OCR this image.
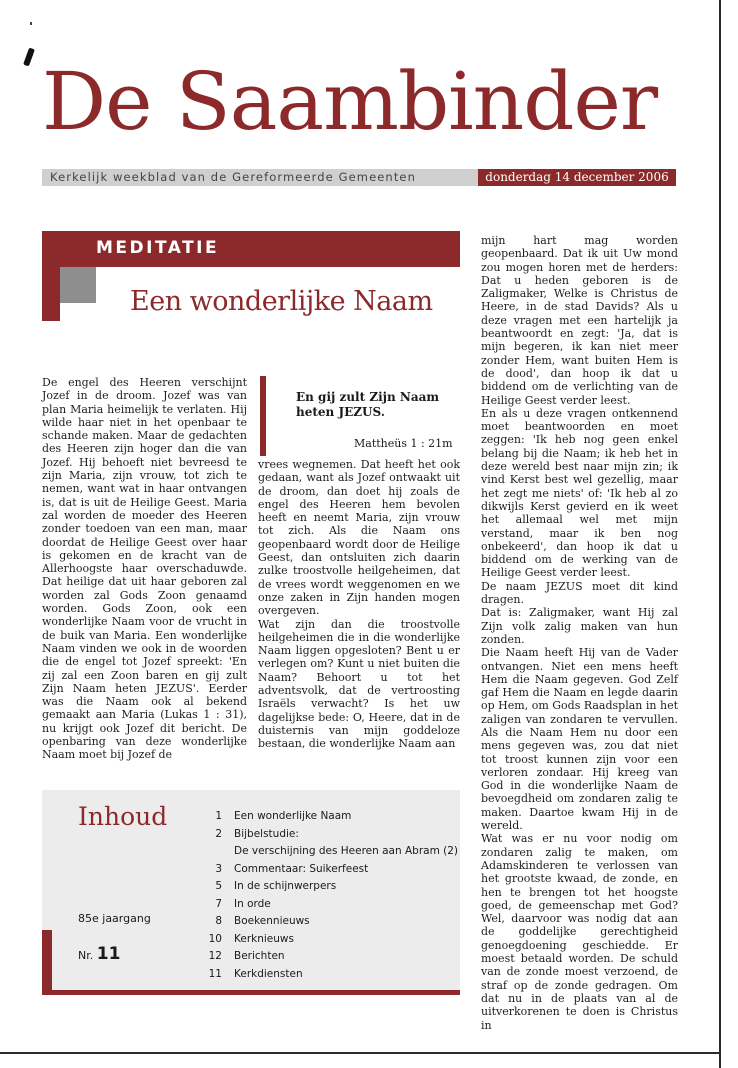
De Saambinder
Kerkelijk weekblad van de Gereformeerde Gemeenten	donderdag 14 december 2006
MEDITATIE
Een wonderlijke Naam

De engel des Heeren verschijnt Jozef in de droom. Jozef was van plan Maria heimelijk te verlaten. Hij wilde haar niet in het openbaar te schande maken. Maar de gedachten des Heeren zijn hoger dan die van Jozef. Hij behoeft niet bevreesd te zijn Maria, zijn vrouw, tot zich te nemen, want wat in haar ontvangen is, dat is uit de Heilige Geest. Maria zal worden de moeder des Heeren zonder toedoen van een man, maar doordat de Heilige Geest over haar is gekomen en de kracht van de Allerhoogste haar overschaduwde. Dat heilige dat uit haar geboren zal worden zal Gods Zoon genaamd worden. Gods Zoon, ook een wonderlijke Naam voor de vrucht in de buik van Maria. Een wonderlijke Naam vinden we ook in de woorden die de engel tot Jozef spreekt: 'En zij zal een Zoon baren en gij zult Zijn Naam heten JEZUS'. Eerder was die Naam ook al bekend gemaakt aan Maria (Lukas 1 : 31), nu krijgt ook Jozef dit bericht. De openbaring van deze wonderlijke Naam moet bij Jozef de

En gij zult Zijn Naam heten JEZUS.
Mattheüs 1 : 21m

vrees wegnemen. Dat heeft het ook gedaan, want als Jozef ontwaakt uit de droom, dan doet hij zoals de engel des Heeren hem bevolen heeft en neemt Maria, zijn vrouw tot zich. Als die Naam ons geopenbaard wordt door de Heilige Geest, dan ontsluiten zich daarin zulke troostvolle heilgeheimen, dat de vrees wordt weggenomen en we onze zaken in Zijn handen mogen overgeven.

Wat zijn dan die troostvolle heilgeheimen die in die wonderlijke Naam liggen opgesloten? Bent u er verlegen om? Kunt u niet buiten die Naam? Behoort u tot het adventsvolk, dat de vertroosting Israëls verwacht? Is het uw dagelijkse bede: O, Heere, dat in de duisternis van mijn goddeloze bestaan, die wonderlijke Naam aan

mijn hart mag worden geopenbaard. Dat ik uit Uw mond zou mogen horen met de herders: Dat u heden geboren is de Zaligmaker, Welke is Christus de Heere, in de stad Davids? Als u deze vragen met een hartelijk ja beantwoordt en zegt: 'Ja, dat is mijn begeren, ik kan niet meer zonder Hem, want buiten Hem is de dood', dan hoop ik dat u biddend om de verlichting van de Heilige Geest verder leest.

En als u deze vragen ontkennend moet beantwoorden en moet zeggen: 'Ik heb nog geen enkel belang bij die Naam; ik heb het in deze wereld best naar mijn zin; ik vind Kerst best wel gezellig, maar het zegt me niets' of: 'Ik heb al zo dikwijls Kerst gevierd en ik weet het allemaal wel met mijn verstand, maar ik ben nog onbekeerd', dan hoop ik dat u biddend om de werking van de Heilige Geest verder leest.

De naam JEZUS moet dit kind dragen.

Dat is: Zaligmaker, want Hij zal Zijn volk zalig maken van hun zonden.

Die Naam heeft Hij van de Vader ontvangen. Niet een mens heeft Hem die Naam gegeven. God Zelf gaf Hem die Naam en legde daarin op Hem, om Gods Raadsplan in het zaligen van zondaren te vervullen. Als die Naam Hem nu door een mens gegeven was, zou dat niet tot troost kunnen zijn voor een verloren zondaar. Hij kreeg van God in die wonderlijke Naam de bevoegdheid om zondaren zalig te maken. Daartoe kwam Hij in de wereld.

Wat was er nu voor nodig om zondaren zalig te maken, om Adamskinderen te verlossen van het grootste kwaad, de zonde, en hen te brengen tot het hoogste goed, de gemeenschap met God? Wel, daarvoor was nodig dat aan de goddelijke gerechtigheid genoegdoening geschiedde. Er moest betaald worden. De schuld van de zonde moest verzoend, de straf op de zonde gedragen. Om dat nu in de plaats van al de uitverkorenen te doen is Christus in

Inhoud
85e jaargang
Nr. 11
1	Een wonderlijke Naam
2	Bijbelstudie:
De verschijning des Heeren aan Abram (2)
3	Commentaar: Suikerfeest
5	In de schijnwerpers
7	In orde
8	Boekennieuws
10	Kerknieuws
12	Berichten
11	Kerkdiensten
